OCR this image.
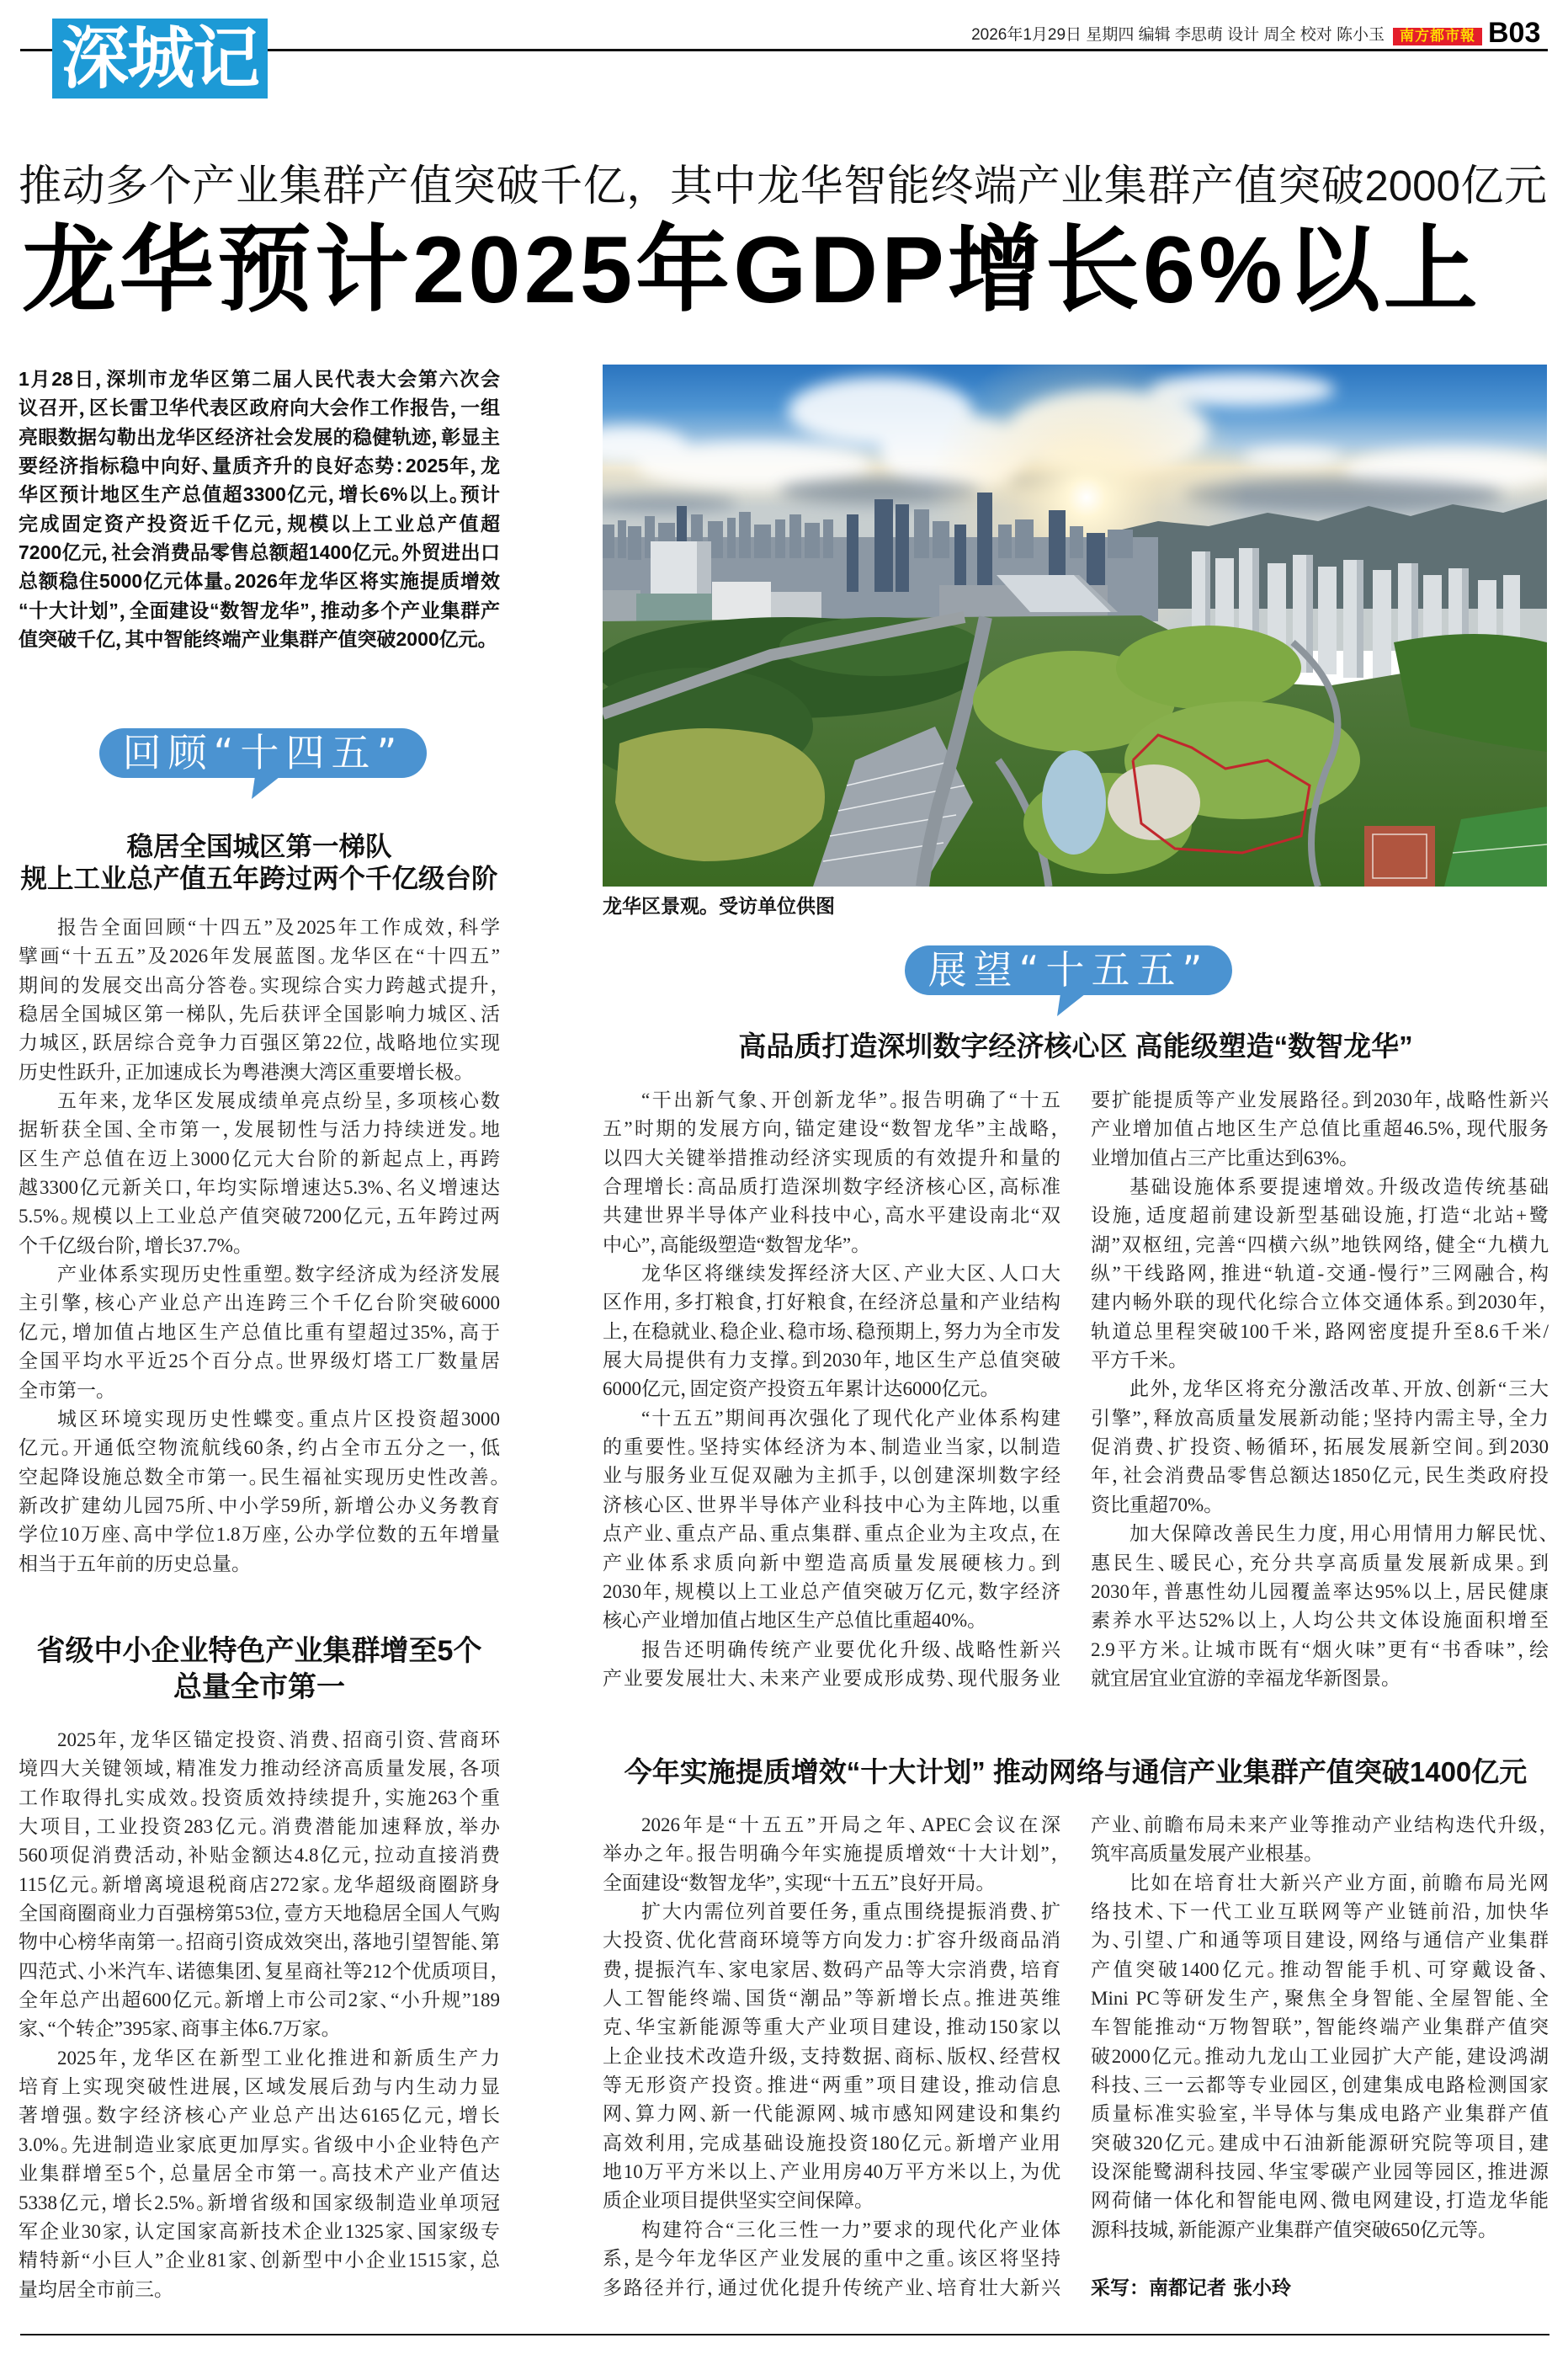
深城记	2026年1月29日 星期四 编辑 李思萌 设计 周全 校对 陈小玉	南方都市報 B03
推动多个产业集群产值突破千亿，其中龙华智能终端产业集群产值突破2000亿元
龙华预计2025年GDP增长6%以上
1月28日，深圳市龙华区第二届人民代表大会第六次会
议召开，区长雷卫华代表区政府向大会作工作报告，一组
亮眼数据勾勒出龙华区经济社会发展的稳健轨迹，彰显主
要经济指标稳中向好、量质齐升的良好态势：2025年，龙
华区预计地区生产总值超3300亿元，增长6%以上。预计
完成固定资产投资近千亿元，规模以上工业总产值超
7200亿元，社会消费品零售总额超1400亿元。外贸进出口
总额稳住5000亿元体量。2026年龙华区将实施提质增效
“十大计划”，全面建设“数智龙华”，推动多个产业集群产
值突破千亿，其中智能终端产业集群产值突破2000亿元。
回顾“十四五”
稳居全国城区第一梯队
规上工业总产值五年跨过两个千亿级台阶
报告全面回顾“十四五”及2025年工作成效，科学
擘画“十五五”及2026年发展蓝图。龙华区在“十四五”
期间的发展交出高分答卷。实现综合实力跨越式提升，
稳居全国城区第一梯队，先后获评全国影响力城区、活
力城区，跃居综合竞争力百强区第22位，战略地位实现
历史性跃升，正加速成长为粤港澳大湾区重要增长极。
五年来，龙华区发展成绩单亮点纷呈，多项核心数
据斩获全国、全市第一，发展韧性与活力持续迸发。地
区生产总值在迈上3000亿元大台阶的新起点上，再跨
越3300亿元新关口，年均实际增速达5.3%、名义增速达
5.5%。规模以上工业总产值突破7200亿元，五年跨过两
个千亿级台阶，增长37.7%。
产业体系实现历史性重塑。数字经济成为经济发展
主引擎，核心产业总产出连跨三个千亿台阶突破6000
亿元，增加值占地区生产总值比重有望超过35%，高于
全国平均水平近25个百分点。世界级灯塔工厂数量居
全市第一。
城区环境实现历史性蝶变。重点片区投资超3000
亿元。开通低空物流航线60条，约占全市五分之一，低
空起降设施总数全市第一。民生福祉实现历史性改善。
新改扩建幼儿园75所、中小学59所，新增公办义务教育
学位10万座、高中学位1.8万座，公办学位数的五年增量
相当于五年前的历史总量。
省级中小企业特色产业集群增至5个
总量全市第一
2025年，龙华区锚定投资、消费、招商引资、营商环
境四大关键领域，精准发力推动经济高质量发展，各项
工作取得扎实成效。投资质效持续提升，实施263个重
大项目，工业投资283亿元。消费潜能加速释放，举办
560项促消费活动，补贴金额达4.8亿元，拉动直接消费
115亿元。新增离境退税商店272家。龙华超级商圈跻身
全国商圈商业力百强榜第53位，壹方天地稳居全国人气购
物中心榜华南第一。招商引资成效突出，落地引望智能、第
四范式、小米汽车、诺德集团、复星商社等212个优质项目，
全年总产出超600亿元。新增上市公司2家、“小升规”189
家、“个转企”395家、商事主体6.7万家。
2025年，龙华区在新型工业化推进和新质生产力
培育上实现突破性进展，区域发展后劲与内生动力显
著增强。数字经济核心产业总产出达6165亿元，增长
3.0%。先进制造业家底更加厚实。省级中小企业特色产
业集群增至5个，总量居全市第一。高技术产业产值达
5338亿元，增长2.5%。新增省级和国家级制造业单项冠
军企业30家，认定国家高新技术企业1325家、国家级专
精特新“小巨人”企业81家、创新型中小企业1515家，总
量均居全市前三。
龙华区景观。受访单位供图
展望“十五五”
高品质打造深圳数字经济核心区 高能级塑造“数智龙华”
“干出新气象、开创新龙华”。报告明确了“十五
五”时期的发展方向，锚定建设“数智龙华”主战略，
以四大关键举措推动经济实现质的有效提升和量的
合理增长：高品质打造深圳数字经济核心区，高标准
共建世界半导体产业科技中心，高水平建设南北“双
中心”，高能级塑造“数智龙华”。
龙华区将继续发挥经济大区、产业大区、人口大
区作用，多打粮食，打好粮食，在经济总量和产业结构
上，在稳就业、稳企业、稳市场、稳预期上，努力为全市发
展大局提供有力支撑。到2030年，地区生产总值突破
6000亿元，固定资产投资五年累计达6000亿元。
“十五五”期间再次强化了现代化产业体系构建
的重要性。坚持实体经济为本、制造业当家，以制造
业与服务业互促双融为主抓手，以创建深圳数字经
济核心区、世界半导体产业科技中心为主阵地，以重
点产业、重点产品、重点集群、重点企业为主攻点，在
产业体系求质向新中塑造高质量发展硬核力。到
2030年，规模以上工业总产值突破万亿元，数字经济
核心产业增加值占地区生产总值比重超40%。
报告还明确传统产业要优化升级、战略性新兴
产业要发展壮大、未来产业要成形成势、现代服务业
要扩能提质等产业发展路径。到2030年，战略性新兴
产业增加值占地区生产总值比重超46.5%，现代服务
业增加值占三产比重达到63%。
基础设施体系要提速增效。升级改造传统基础
设施，适度超前建设新型基础设施，打造“北站+鹭
湖”双枢纽，完善“四横六纵”地铁网络，健全“九横九
纵”干线路网，推进“轨道-交通-慢行”三网融合，构
建内畅外联的现代化综合立体交通体系。到2030年，
轨道总里程突破100千米，路网密度提升至8.6千米/
平方千米。
此外，龙华区将充分激活改革、开放、创新“三大
引擎”，释放高质量发展新动能；坚持内需主导，全力
促消费、扩投资、畅循环，拓展发展新空间。到2030
年，社会消费品零售总额达1850亿元，民生类政府投
资比重超70%。
加大保障改善民生力度，用心用情用力解民忧、
惠民生、暖民心，充分共享高质量发展新成果。到
2030年，普惠性幼儿园覆盖率达95%以上，居民健康
素养水平达52%以上，人均公共文体设施面积增至
2.9平方米。让城市既有“烟火味”更有“书香味”，绘
就宜居宜业宜游的幸福龙华新图景。
今年实施提质增效“十大计划” 推动网络与通信产业集群产值突破1400亿元
2026年是“十五五”开局之年、APEC会议在深
举办之年。报告明确今年实施提质增效“十大计划”，
全面建设“数智龙华”，实现“十五五”良好开局。
扩大内需位列首要任务，重点围绕提振消费、扩
大投资、优化营商环境等方向发力：扩容升级商品消
费，提振汽车、家电家居、数码产品等大宗消费，培育
人工智能终端、国货“潮品”等新增长点。推进英维
克、华宝新能源等重大产业项目建设，推动150家以
上企业技术改造升级，支持数据、商标、版权、经营权
等无形资产投资。推进“两重”项目建设，推动信息
网、算力网、新一代能源网、城市感知网建设和集约
高效利用，完成基础设施投资180亿元。新增产业用
地10万平方米以上、产业用房40万平方米以上，为优
质企业项目提供坚实空间保障。
构建符合“三化三性一力”要求的现代化产业体
系，是今年龙华区产业发展的重中之重。该区将坚持
多路径并行，通过优化提升传统产业、培育壮大新兴
产业、前瞻布局未来产业等推动产业结构迭代升级，
筑牢高质量发展产业根基。
比如在培育壮大新兴产业方面，前瞻布局光网
络技术、下一代工业互联网等产业链前沿，加快华
为、引望、广和通等项目建设，网络与通信产业集群
产值突破1400亿元。推动智能手机、可穿戴设备、
Mini PC等研发生产，聚焦全身智能、全屋智能、全
车智能推动“万物智联”，智能终端产业集群产值突
破2000亿元。推动九龙山工业园扩大产能，建设鸿湖
科技、三一云都等专业园区，创建集成电路检测国家
质量标准实验室，半导体与集成电路产业集群产值
突破320亿元。建成中石油新能源研究院等项目，建
设深能鹭湖科技园、华宝零碳产业园等园区，推进源
网荷储一体化和智能电网、微电网建设，打造龙华能
源科技城，新能源产业集群产值突破650亿元等。
采写：南都记者 张小玲
